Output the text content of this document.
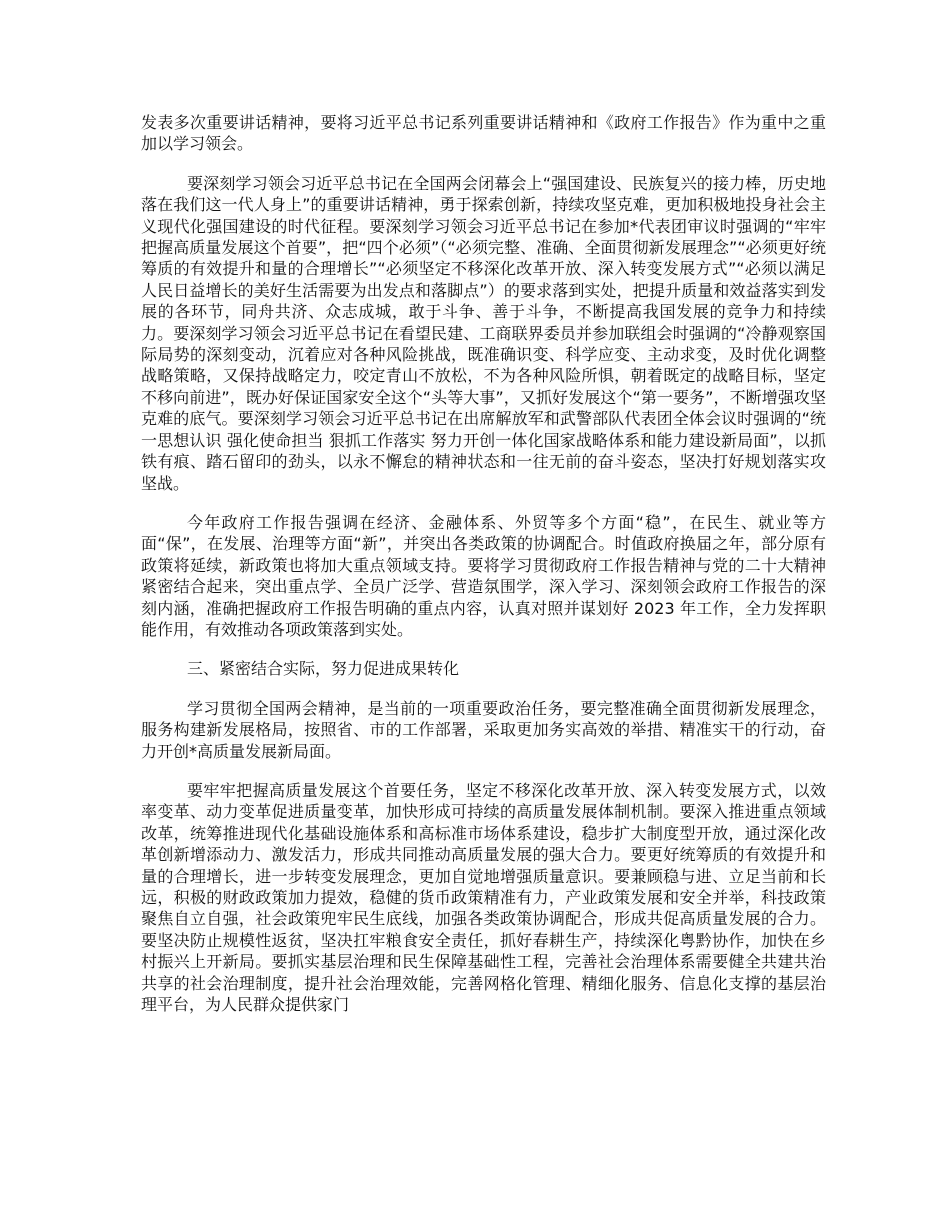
发表多次重要讲话精神，要将习近平总书记系列重要讲话精神和《政府工作报告》作为重中之重加以学习领会。

要深刻学习领会习近平总书记在全国两会闭幕会上“强国建设、民族复兴的接力棒，历史地落在我们这一代人身上”的重要讲话精神，勇于探索创新，持续攻坚克难，更加积极地投身社会主义现代化强国建设的时代征程。要深刻学习领会习近平总书记在参加*代表团审议时强调的“牢牢把握高质量发展这个首要”，把“四个必须”（“必须完整、准确、全面贯彻新发展理念”“必须更好统筹质的有效提升和量的合理增长”“必须坚定不移深化改革开放、深入转变发展方式”“必须以满足人民日益增长的美好生活需要为出发点和落脚点”）的要求落到实处，把提升质量和效益落实到发展的各环节，同舟共济、众志成城，敢于斗争、善于斗争，不断提高我国发展的竞争力和持续力。要深刻学习领会习近平总书记在看望民建、工商联界委员并参加联组会时强调的“冷静观察国际局势的深刻变动，沉着应对各种风险挑战，既准确识变、科学应变、主动求变，及时优化调整战略策略，又保持战略定力，咬定青山不放松，不为各种风险所惧，朝着既定的战略目标，坚定不移向前进”，既办好保证国家安全这个“头等大事”，又抓好发展这个“第一要务”，不断增强攻坚克难的底气。要深刻学习领会习近平总书记在出席解放军和武警部队代表团全体会议时强调的“统一思想认识 强化使命担当 狠抓工作落实 努力开创一体化国家战略体系和能力建设新局面”，以抓铁有痕、踏石留印的劲头，以永不懈怠的精神状态和一往无前的奋斗姿态，坚决打好规划落实攻坚战。

今年政府工作报告强调在经济、金融体系、外贸等多个方面“稳”，在民生、就业等方面“保”，在发展、治理等方面“新”，并突出各类政策的协调配合。时值政府换届之年，部分原有政策将延续，新政策也将加大重点领域支持。要将学习贯彻政府工作报告精神与党的二十大精神紧密结合起来，突出重点学、全员广泛学、营造氛围学，深入学习、深刻领会政府工作报告的深刻内涵，准确把握政府工作报告明确的重点内容，认真对照并谋划好 2023 年工作，全力发挥职能作用，有效推动各项政策落到实处。

三、紧密结合实际，努力促进成果转化

学习贯彻全国两会精神，是当前的一项重要政治任务，要完整准确全面贯彻新发展理念，服务构建新发展格局，按照省、市的工作部署，采取更加务实高效的举措、精准实干的行动，奋力开创*高质量发展新局面。

要牢牢把握高质量发展这个首要任务，坚定不移深化改革开放、深入转变发展方式，以效率变革、动力变革促进质量变革，加快形成可持续的高质量发展体制机制。要深入推进重点领域改革，统筹推进现代化基础设施体系和高标准市场体系建设，稳步扩大制度型开放，通过深化改革创新增添动力、激发活力，形成共同推动高质量发展的强大合力。要更好统筹质的有效提升和量的合理增长，进一步转变发展理念，更加自觉地增强质量意识。要兼顾稳与进、立足当前和长远，积极的财政政策加力提效，稳健的货币政策精准有力，产业政策发展和安全并举，科技政策聚焦自立自强，社会政策兜牢民生底线，加强各类政策协调配合，形成共促高质量发展的合力。要坚决防止规模性返贫，坚决扛牢粮食安全责任，抓好春耕生产，持续深化粤黔协作，加快在乡村振兴上开新局。要抓实基层治理和民生保障基础性工程，完善社会治理体系需要健全共建共治共享的社会治理制度，提升社会治理效能，完善网格化管理、精细化服务、信息化支撑的基层治理平台，为人民群众提供家门
